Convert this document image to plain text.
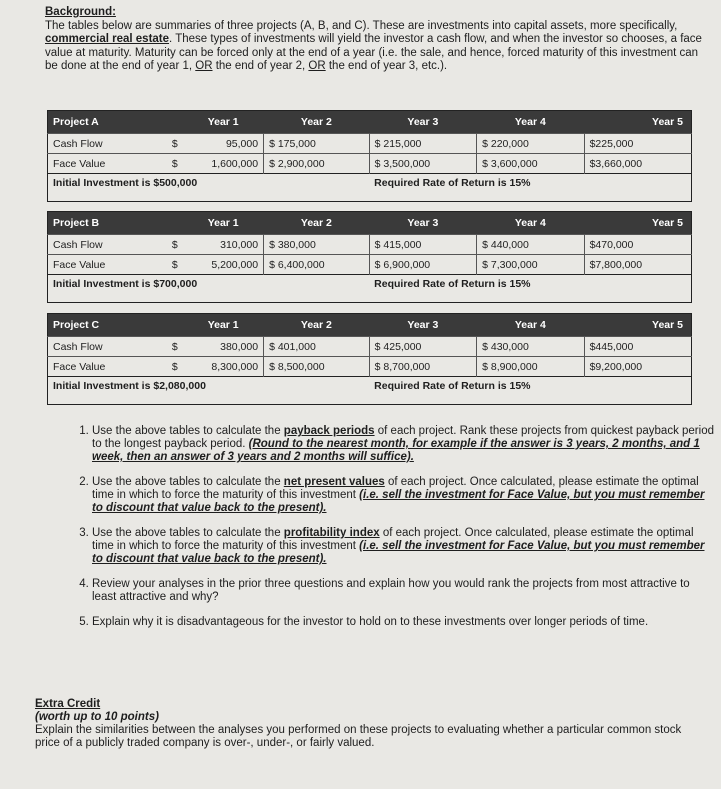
Background:
The tables below are summaries of three projects (A, B, and C). These are investments into capital assets, more specifically, commercial real estate. These types of investments will yield the investor a cash flow, and when the investor so chooses, a face value at maturity. Maturity can be forced only at the end of a year (i.e. the sale, and hence, forced maturity of this investment can be done at the end of year 1, OR the end of year 2, OR the end of year 3, etc.).
Project A		Year 1	Year 2	Year 3	Year 4	Year 5
Cash Flow	$	95,000	$ 175,000	$ 215,000	$ 220,000	$225,000
Face Value	$	1,600,000	$ 2,900,000	$ 3,500,000	$ 3,600,000	$3,660,000
Initial Investment is $500,000				Required Rate of Return is 15%		
Project B		Year 1	Year 2	Year 3	Year 4	Year 5
Cash Flow	$	310,000	$ 380,000	$ 415,000	$ 440,000	$470,000
Face Value	$	5,200,000	$ 6,400,000	$ 6,900,000	$ 7,300,000	$7,800,000
Initial Investment is $700,000				Required Rate of Return is 15%		
Project C		Year 1	Year 2	Year 3	Year 4	Year 5
Cash Flow	$	380,000	$ 401,000	$ 425,000	$ 430,000	$445,000
Face Value	$	8,300,000	$ 8,500,000	$ 8,700,000	$ 8,900,000	$9,200,000
Initial Investment is $2,080,000				Required Rate of Return is 15%		
1. Use the above tables to calculate the payback periods of each project. Rank these projects from quickest payback period to the longest payback period. (Round to the nearest month, for example if the answer is 3 years, 2 months, and 1 week, then an answer of 3 years and 2 months will suffice).
2. Use the above tables to calculate the net present values of each project. Once calculated, please estimate the optimal time in which to force the maturity of this investment (i.e. sell the investment for Face Value, but you must remember to discount that value back to the present).
3. Use the above tables to calculate the profitability index of each project. Once calculated, please estimate the optimal time in which to force the maturity of this investment (i.e. sell the investment for Face Value, but you must remember to discount that value back to the present).
4. Review your analyses in the prior three questions and explain how you would rank the projects from most attractive to least attractive and why?
5. Explain why it is disadvantageous for the investor to hold on to these investments over longer periods of time.
Extra Credit
(worth up to 10 points)
Explain the similarities between the analyses you performed on these projects to evaluating whether a particular common stock price of a publicly traded company is over-, under-, or fairly valued.
